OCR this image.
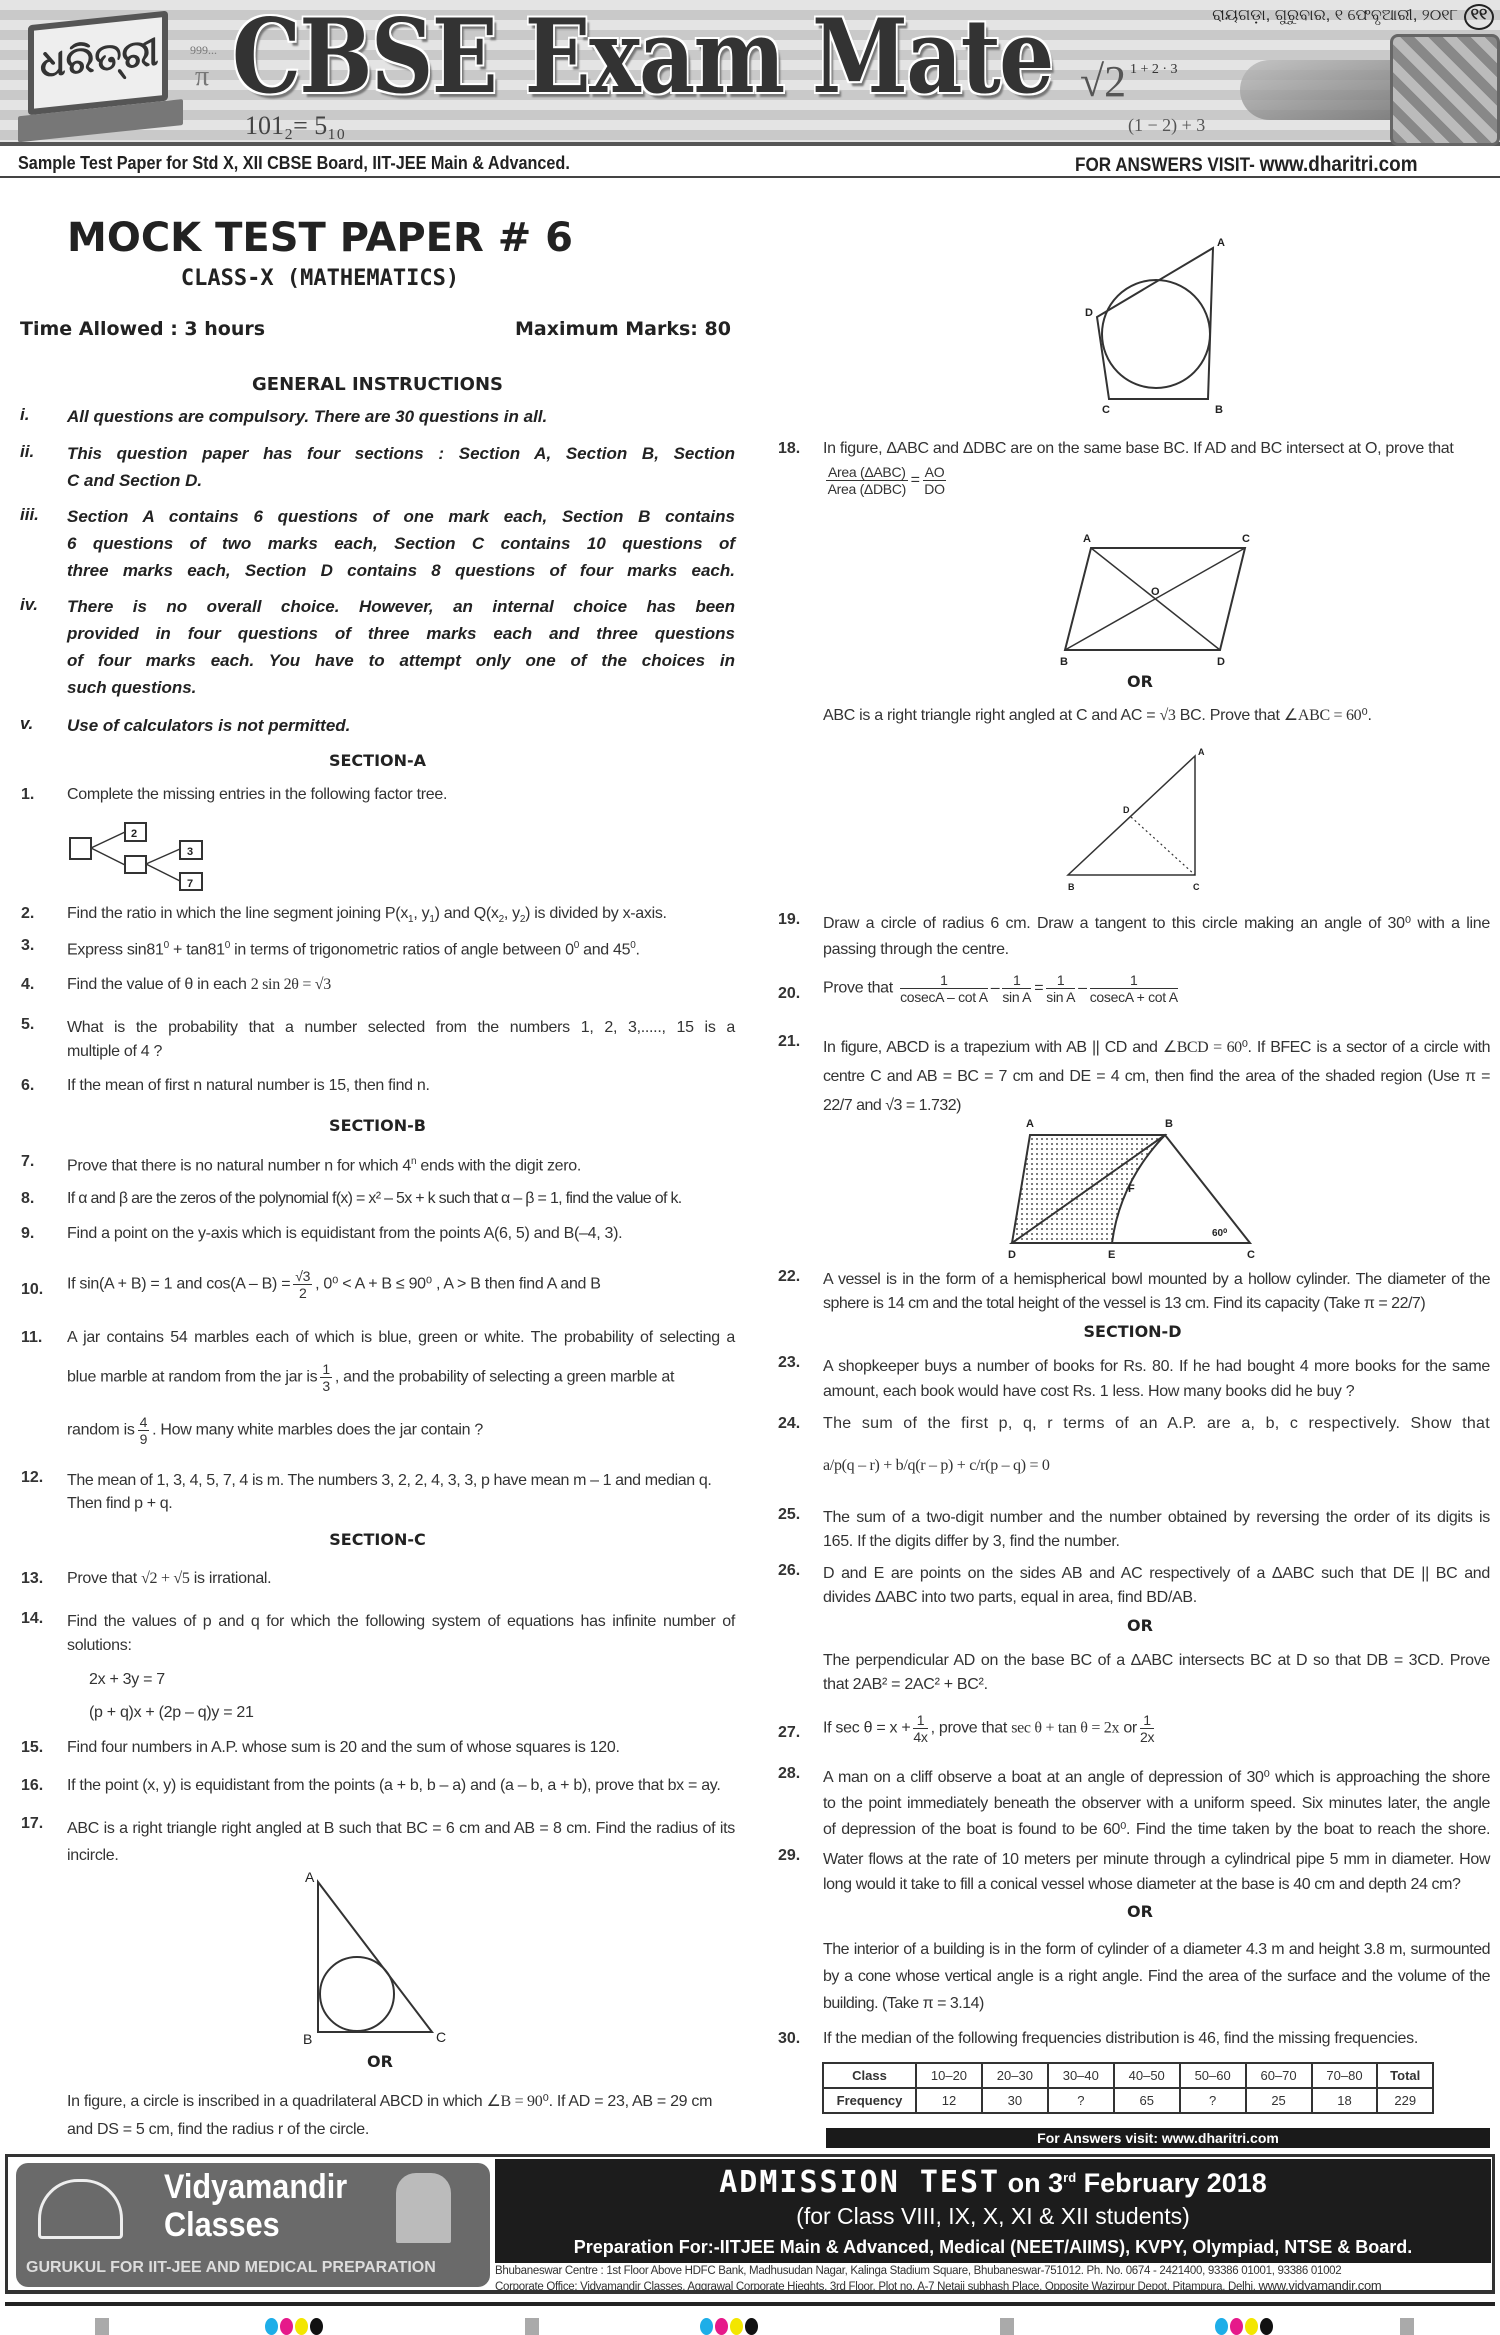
ଧରିତ୍ରୀ	999...
π
101₂= 5₁₀
√2 1 + 2 · 3
(1 − 2) + 3
CBSE Exam Mate	ରାୟଗଡ଼ା, ଗୁରୁବାର, ୧ ଫେବୃଆରୀ, ୨୦୧୮ ୧୧
Sample Test Paper for Std X, XII CBSE Board, IIT-JEE Main & Advanced.	FOR ANSWERS VISIT- www.dharitri.com
MOCK TEST PAPER # 6
CLASS-X (MATHEMATICS)
Time Allowed : 3 hours	Maximum Marks: 80
GENERAL INSTRUCTIONS
i. All questions are compulsory. There are 30 questions in all.
ii. This question paper has four sections : Section A, Section B, Section
C and Section D.
iii. Section A contains 6 questions of one mark each, Section B contains
6 questions of two marks each, Section C contains 10 questions of
three marks each, Section D contains 8 questions of four marks each.
iv. There is no overall choice. However, an internal choice has been
provided in four questions of three marks each and three questions
of four marks each. You have to attempt only one of the choices in
such questions.
v. Use of calculators is not permitted.
SECTION-A
1. Complete the missing entries in the following factor tree.
2
3
7
2. Find the ratio in which the line segment joining $P(x_1$, $y_1$) and $Q(x_2$, $y_2$) is divided by x-axis.
3. Express $\sin 81^0 + \tan 81^0$ in terms of trigonometric ratios of angle between $0^0$ and $45^0$.
4. Find the value of θ in each 2 sin 2θ = √3
5. What is the probability that a number selected from the numbers 1, 2, 3,....., 15 is a
multiple of 4 ?
6. If the mean of first n natural number is 15, then find n.
SECTION-B
7. Prove that there is no natural number n for which 4$^n$ ends with the digit zero.
8. If α and β are the zeros of the polynomial f(x) = x² – 5x + k such that α – β = 1, find the value of k.
9. Find a point on the y-axis which is equidistant from the points A(6, 5) and B(–4, 3).
10. If sin(A + B) = 1 and $\cos(A - B) = \frac{√3}{2}$ , 0⁰ < A + B ≤ 90⁰ , A > B then find A and B
11. A jar contains 54 marbles each of which is blue, green or white. The probability of selecting a
blue marble at random from the jar is $\frac{1}{3}$ , and the probability of selecting a green marble at
random is $\frac{4}{9}$ . How many white marbles does the jar contain ?
12. The mean of 1, 3, 4, 5, 7, 4 is m. The numbers 3, 2, 2, 4, 3, 3, p have mean m – 1 and median q.
Then find p + q.
SECTION-C
13. Prove that √2 + √5 is irrational.
14. Find the values of p and q for which the following system of equations has infinite number of
solutions:
2x + 3y = 7
(p + q)x + (2p – q)y = 21
15. Find four numbers in A.P. whose sum is 20 and the sum of whose squares is 120.
16. If the point (x, y) is equidistant from the points (a + b, b – a) and (a – b, a + b), prove that bx = ay.
17. ABC is a right triangle right angled at B such that BC = 6 cm and AB = 8 cm. Find the radius of its
incircle.
A
B	C
OR
In figure, a circle is inscribed in a quadrilateral ABCD in which ∠B = 90⁰. If AD = 23, AB = 29 cm
and DS = 5 cm, find the radius r of the circle.
A
D
C	B
18. In figure, ΔABC and ΔDBC are on the same base BC. If AD and BC intersect at O, prove that
$\frac{\text{Area (ΔABC)}}{\text{Area (ΔDBC)}} = \frac{AO}{DO}$
A	C
O
B	D
OR
ABC is a right triangle right angled at C and AC = √3 BC. Prove that ∠ABC = 60⁰.
A
D
B	C
19. Draw a circle of radius 6 cm. Draw a tangent to this circle making an angle of 30⁰ with a line
passing through the centre.
20. Prove that $\frac{1}{\text{cosecA – cot A}} - \frac{1}{\text{sin A}} = \frac{1}{\text{sin A}} - \frac{1}{\text{cosecA + cot A}}$
21. In figure, ABCD is a trapezium with AB || CD and ∠BCD = 60⁰. If BFEC is a sector of a circle with
centre C and AB = BC = 7 cm and DE = 4 cm, then find the area of the shaded region (Use π =
22/7 and √3 = 1.732)
A	B
F
D	E	C
60⁰
22. A vessel is in the form of a hemispherical bowl mounted by a hollow cylinder. The diameter of the
sphere is 14 cm and the total height of the vessel is 13 cm. Find its capacity (Take π = 22/7)
SECTION-D
23. A shopkeeper buys a number of books for Rs. 80. If he had bought 4 more books for the same
amount, each book would have cost Rs. 1 less. How many books did he buy ?
24. The sum of the first p, q, r terms of an A.P. are a, b, c respectively. Show that
a/p(q – r) + b/q(r – p) + c/r(p – q) = 0
25. The sum of a two-digit number and the number obtained by reversing the order of its digits is
165. If the digits differ by 3, find the number.
26. D and E are points on the sides AB and AC respectively of a ΔABC such that DE || BC and
divides ΔABC into two parts, equal in area, find BD/AB.
OR
The perpendicular AD on the base BC of a ΔABC intersects BC at D so that DB = 3CD. Prove
that 2AB² = 2AC² + BC².
27. If $\sec \theta = x + \frac{1}{4x}$ , prove that sec θ + tan θ = 2x or $\frac{1}{2x}$
28. A man on a cliff observe a boat at an angle of depression of 30⁰ which is approaching the shore
to the point immediately beneath the observer with a uniform speed. Six minutes later, the angle
of depression of the boat is found to be 60⁰. Find the time taken by the boat to reach the shore.
29. Water flows at the rate of 10 meters per minute through a cylindrical pipe 5 mm in diameter. How
long would it take to fill a conical vessel whose diameter at the base is 40 cm and depth 24 cm?
OR
The interior of a building is in the form of cylinder of a diameter 4.3 m and height 3.8 m, surmounted
by a cone whose vertical angle is a right angle. Find the area of the surface and the volume of the
building. (Take π = 3.14)
30. If the median of the following frequencies distribution is 46, find the missing frequencies.
Class	10–20	20–30	30–40	40–50	50–60	60–70	70–80	Total
Frequency	12	30	?	65	?	25	18	229
For Answers visit: www.dharitri.com
Vidyamandir
Classes
GURUKUL FOR IIT-JEE AND MEDICAL PREPARATION
ADMISSION TEST on 3rd February 2018
(for Class VIII, IX, X, XI & XII students)
Preparation For:-IITJEE Main & Advanced, Medical (NEET/AIIMS), KVPY, Olympiad, NTSE & Board.
Bhubaneswar Centre : 1st Floor Above HDFC Bank, Madhusudan Nagar, Kalinga Stadium Square, Bhubaneswar-751012. Ph. No. 0674 - 2421400, 93386 01001, 93386 01002
Corporate Office: Vidyamandir Classes, Aggrawal Corporate Hieghts, 3rd Floor, Plot no. A-7 Netaji subhash Place, Opposite Wazirpur Depot, Pitampura, Delhi, www.vidyamandir.com
